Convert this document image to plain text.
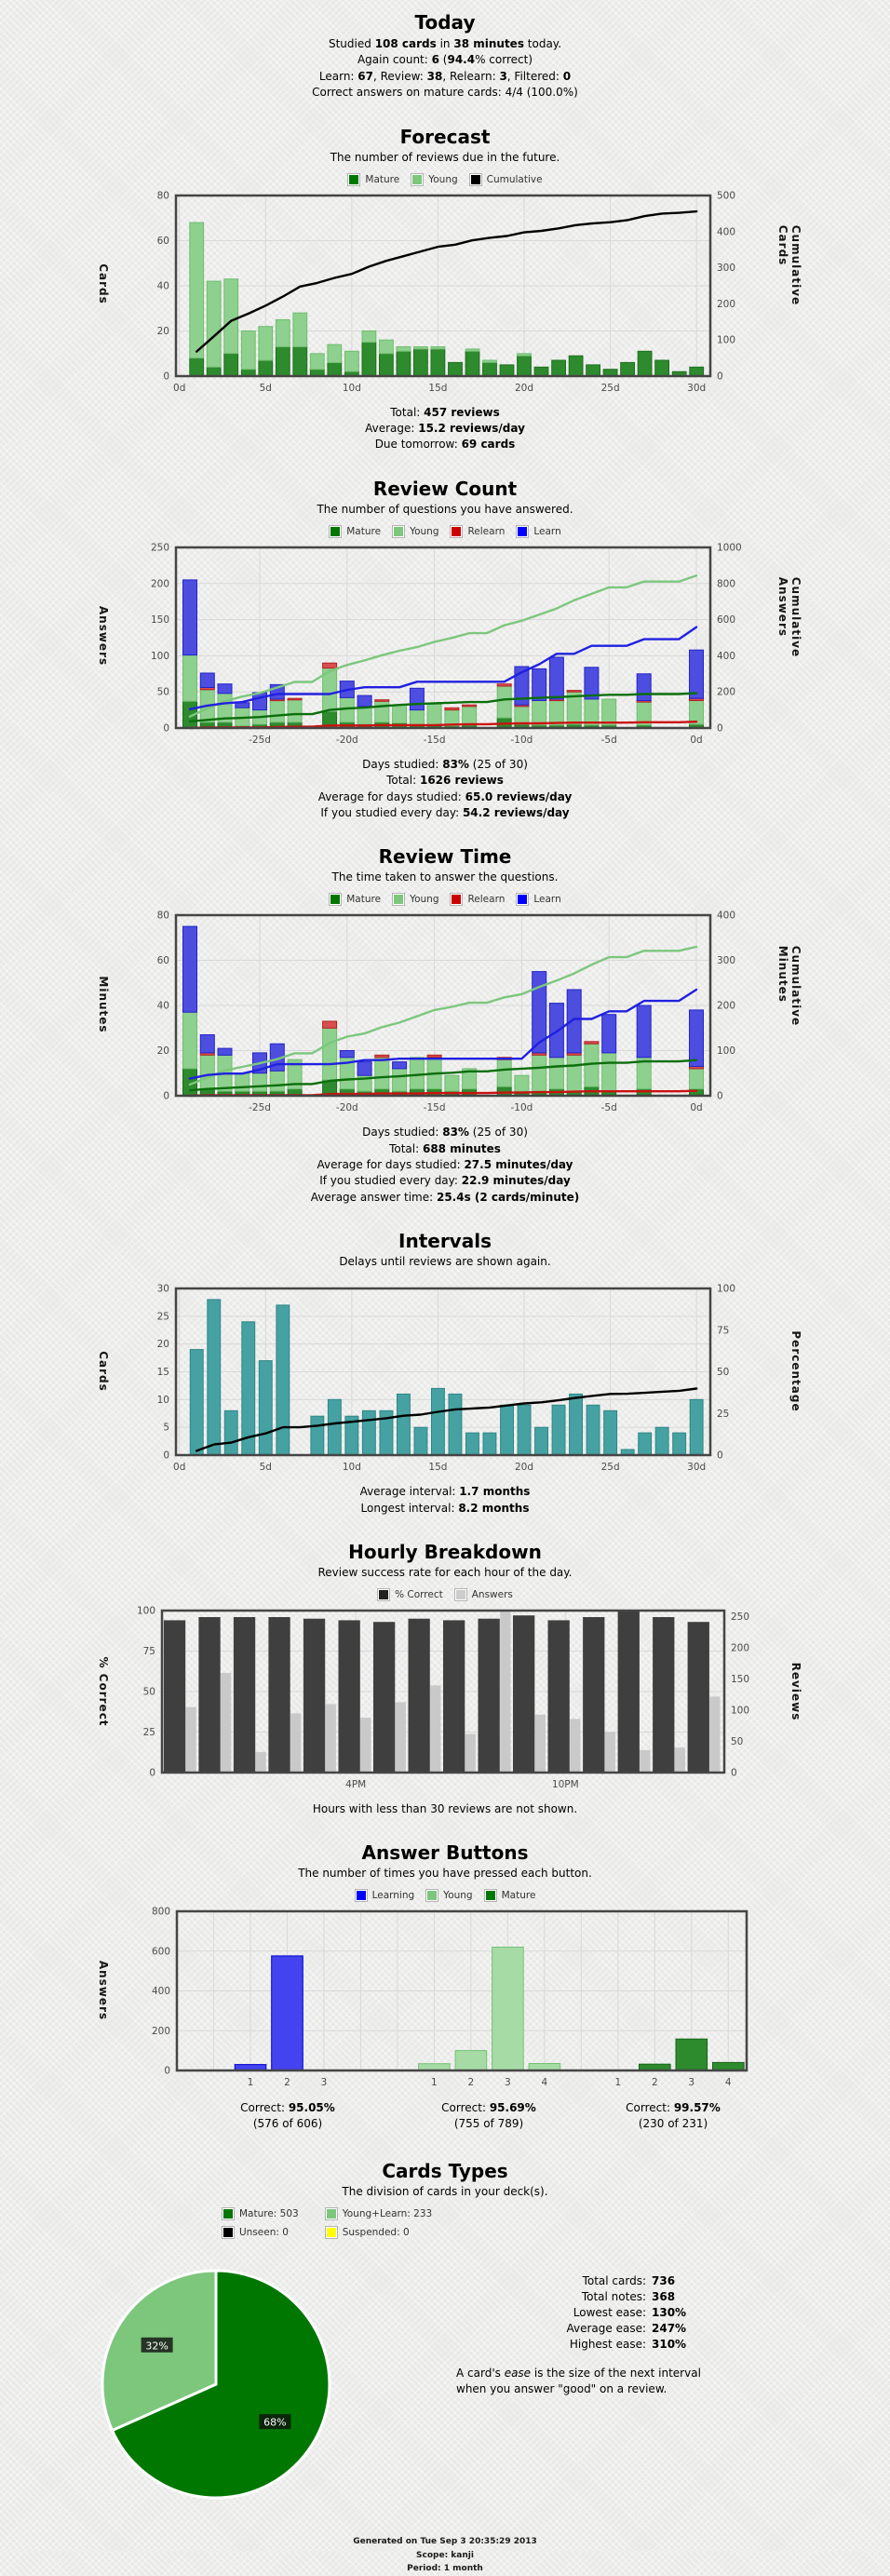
Today
Studied 108 cards in 38 minutes today.
Again count: 6 (94.4% correct)
Learn: 67, Review: 38, Relearn: 3, Filtered: 0
Correct answers on mature cards: 4/4 (100.0%)
Forecast
The number of reviews due in the future.
Mature	Young	Cumulative
Cards
0
20
40
60
80
0
100
200
300
400
500
0d	5d	10d	15d	20d	25d	30d
Cumulative Cards
Total: 457 reviews
Average: 15.2 reviews/day
Due tomorrow: 69 cards
Review Count
The number of questions you have answered.
Mature	Young	Relearn	Learn
Answers
0
50
100
150
200
250
0
200
400
600
800
1000
-25d	-20d	-15d	-10d	-5d	0d
Cumulative Answers
Days studied: 83% (25 of 30)
Total: 1626 reviews
Average for days studied: 65.0 reviews/day
If you studied every day: 54.2 reviews/day
Review Time
The time taken to answer the questions.
Mature	Young	Relearn	Learn
Minutes
0
20
40
60
80
0
100
200
300
400
-25d	-20d	-15d	-10d	-5d	0d
Cumulative Minutes
Days studied: 83% (25 of 30)
Total: 688 minutes
Average for days studied: 27.5 minutes/day
If you studied every day: 22.9 minutes/day
Average answer time: 25.4s (2 cards/minute)
Intervals
Delays until reviews are shown again.
Cards
0
5
10
15
20
25
30
0
25
50
75
100
0d	5d	10d	15d	20d	25d	30d
Percentage
Average interval: 1.7 months
Longest interval: 8.2 months
Hourly Breakdown
Review success rate for each hour of the day.
% Correct	Answers
% Correct
0
25
50
75
100
0
50
100
150
200
250
4PM	10PM
Reviews
Hours with less than 30 reviews are not shown.
Answer Buttons
The number of times you have pressed each button.
Learning	Young	Mature
Answers
0
200
400
600
800
1	2	3	1	2	3	4	1	2	3	4
Correct: 95.05%
(576 of 606)
Correct: 95.69%
(755 of 789)
Correct: 99.57%
(230 of 231)
Cards Types
The division of cards in your deck(s).
Mature: 503	Young+Learn: 233
Unseen: 0	Suspended: 0
68%
32%
Total cards: 736
Total notes: 368
Lowest ease: 130%
Average ease: 247%
Highest ease: 310%
A card's ease is the size of the next interval
when you answer "good" on a review.
Generated on Tue Sep 3 20:35:29 2013
Scope: kanji
Period: 1 month
